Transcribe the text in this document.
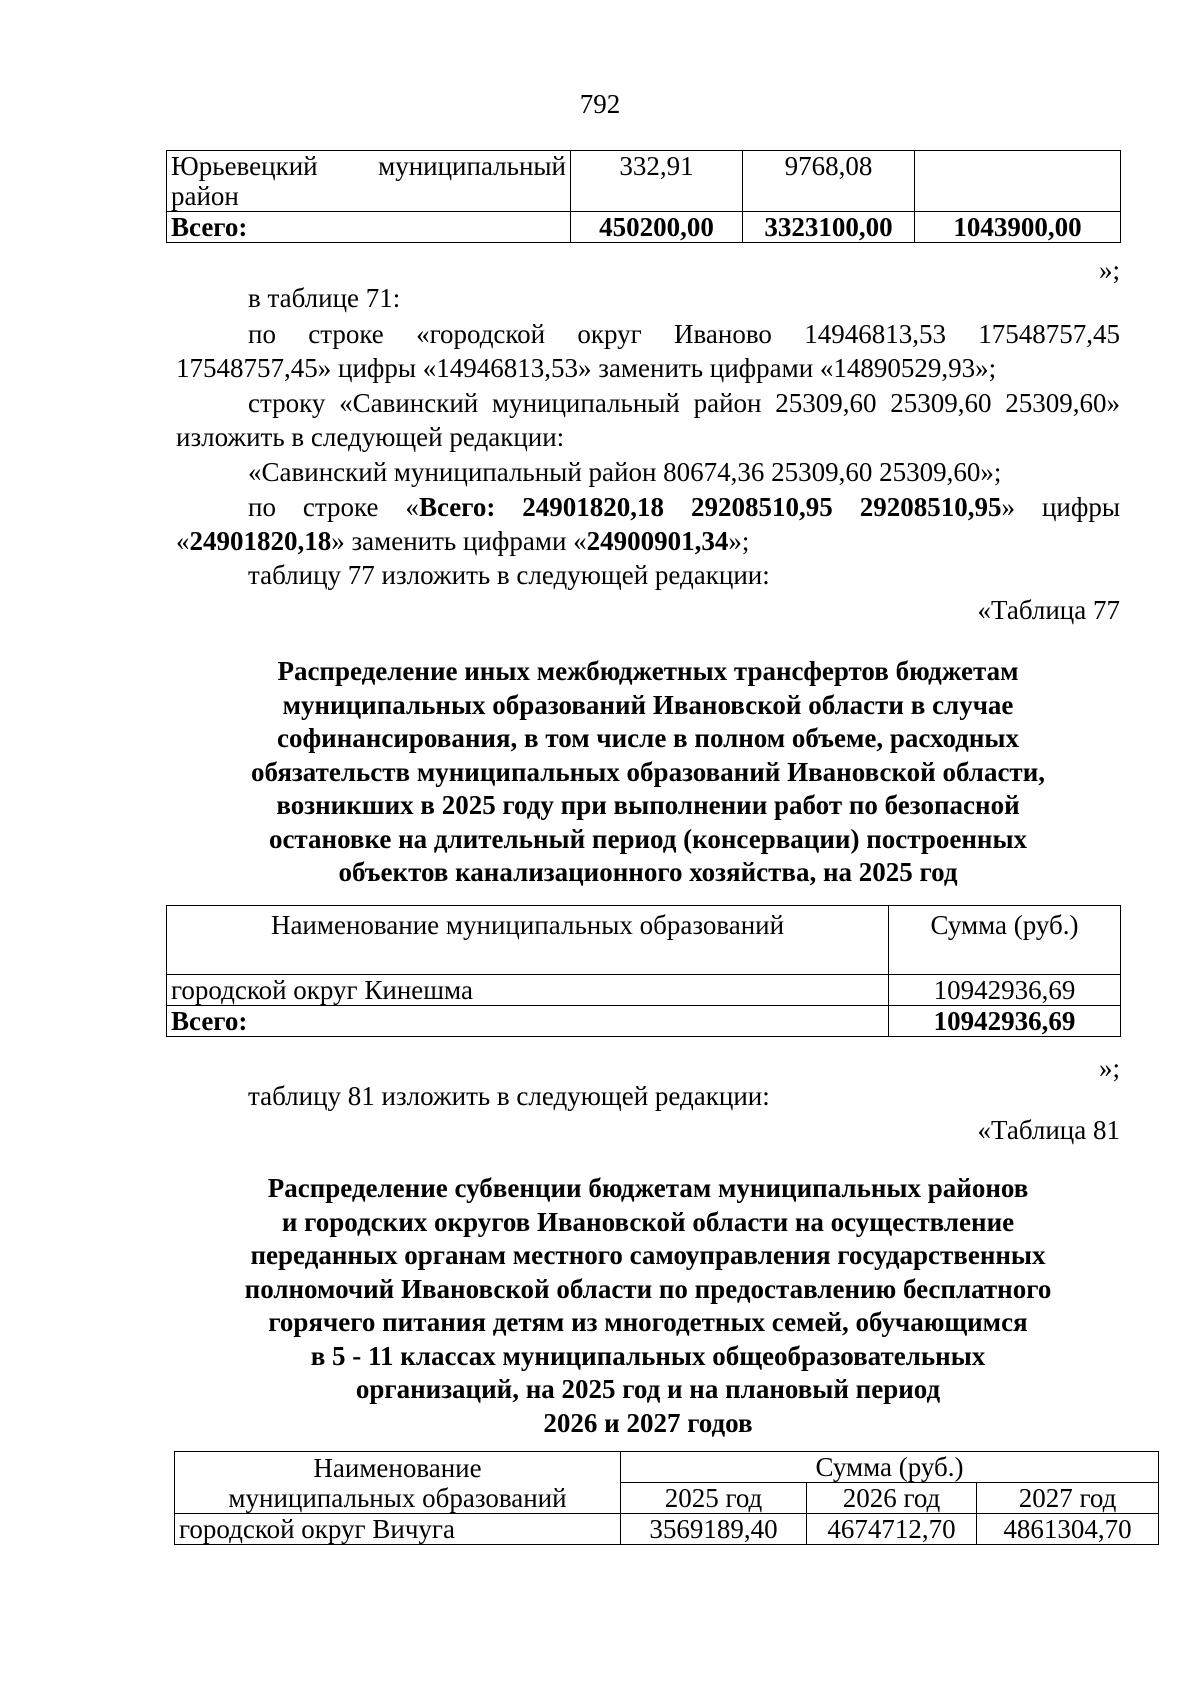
792
Юрьевецкий муниципальный
район	332,91	9768,08	
Всего:	450200,00	3323100,00	1043900,00
»;
в таблице 71:
по строке «городской округ Иваново 14946813,53 17548757,45
17548757,45» цифры «14946813,53» заменить цифрами «14890529,93»;
строку «Савинский муниципальный район 25309,60 25309,60 25309,60»
изложить в следующей редакции:
«Савинский муниципальный район 80674,36 25309,60 25309,60»;
по строке «Всего: 24901820,18 29208510,95 29208510,95» цифры
«24901820,18» заменить цифрами «24900901,34»;
таблицу 77 изложить в следующей редакции:
«Таблица 77
Распределение иных межбюджетных трансфертов бюджетам
муниципальных образований Ивановской области в случае
софинансирования, в том числе в полном объеме, расходных
обязательств муниципальных образований Ивановской области,
возникших в 2025 году при выполнении работ по безопасной
остановке на длительный период (консервации) построенных
объектов канализационного хозяйства, на 2025 год
Наименование муниципальных образований	Сумма (руб.)
городской округ Кинешма	10942936,69
Всего:	10942936,69
»;
таблицу 81 изложить в следующей редакции:
«Таблица 81
Распределение субвенции бюджетам муниципальных районов
и городских округов Ивановской области на осуществление
переданных органам местного самоуправления государственных
полномочий Ивановской области по предоставлению бесплатного
горячего питания детям из многодетных семей, обучающимся
в 5 - 11 классах муниципальных общеобразовательных
организаций, на 2025 год и на плановый период
2026 и 2027 годов
Наименование
муниципальных образований	Сумма (руб.)		
	2025 год	2026 год	2027 год
городской округ Вичуга	3569189,40	4674712,70	4861304,70
